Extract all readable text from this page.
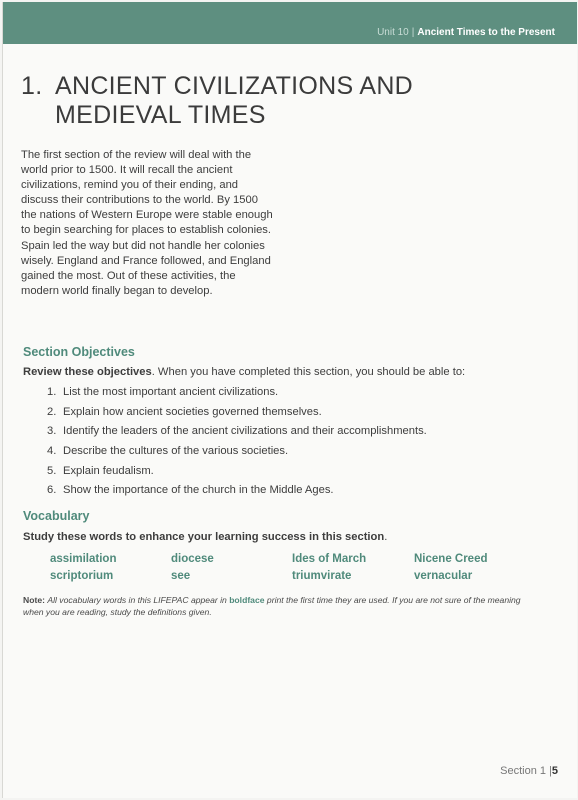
Unit 10 | Ancient Times to the Present
1. ANCIENT CIVILIZATIONS AND
MEDIEVAL TIMES

The first section of the review will deal with the world prior to 1500. It will recall the ancient civilizations, remind you of their ending, and discuss their contributions to the world. By 1500 the nations of Western Europe were stable enough to begin searching for places to establish colonies. Spain led the way but did not handle her colonies wisely. England and France followed, and England gained the most. Out of these activities, the modern world finally began to develop.

Section Objectives
Review these objectives. When you have completed this section, you should be able to:
1. List the most important ancient civilizations.
2. Explain how ancient societies governed themselves.
3. Identify the leaders of the ancient civilizations and their accomplishments.
4. Describe the cultures of the various societies.
5. Explain feudalism.
6. Show the importance of the church in the Middle Ages.
Vocabulary
Study these words to enhance your learning success in this section.
assimilation	diocese	Ides of March	Nicene Creed
scriptorium	see	triumvirate	vernacular

Note: All vocabulary words in this LIFEPAC appear in boldface print the first time they are used. If you are not sure of the meaning when you are reading, study the definitions given.

Section 1 |5
